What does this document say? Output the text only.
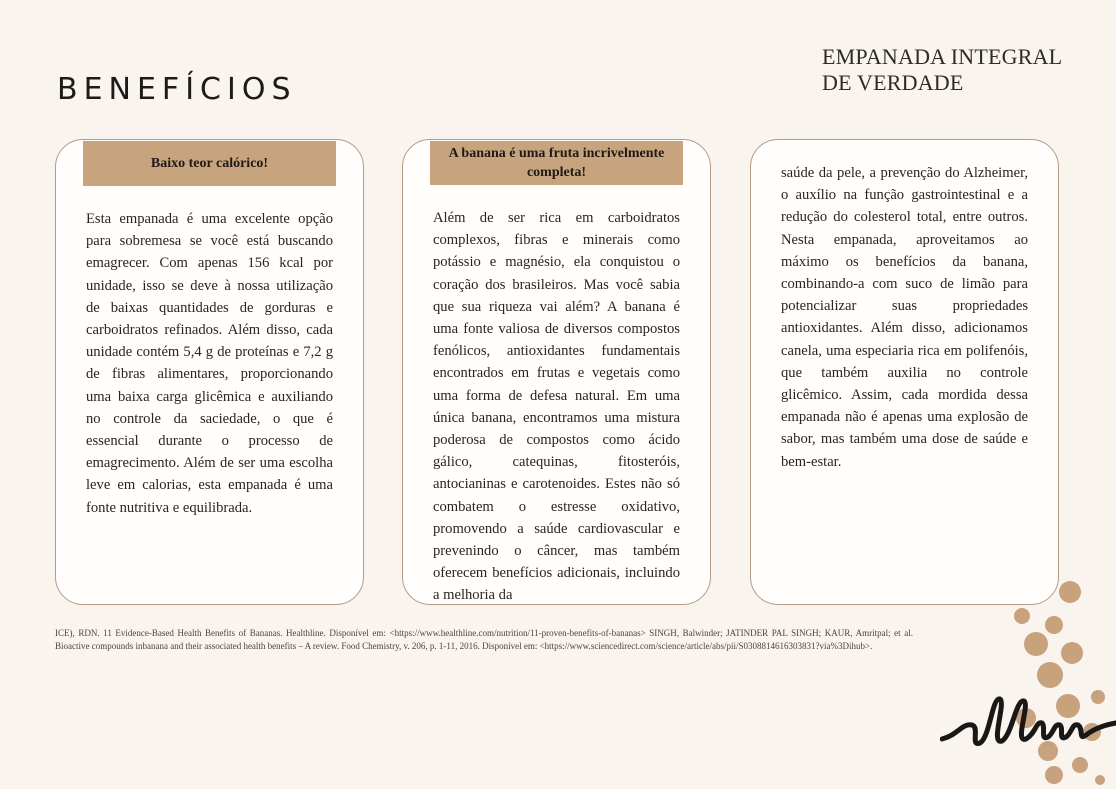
BENEFÍCIOS
EMPANADA INTEGRAL
DE VERDADE
Baixo teor calórico!
Esta empanada é uma excelente opção para sobremesa se você está buscando emagrecer. Com apenas 156 kcal por unidade, isso se deve à nossa utilização de baixas quantidades de gorduras e carboidratos refinados. Além disso, cada unidade contém 5,4 g de proteínas e 7,2 g de fibras alimentares, proporcionando uma baixa carga glicêmica e auxiliando no controle da saciedade, o que é essencial durante o processo de emagrecimento. Além de ser uma escolha leve em calorias, esta empanada é uma fonte nutritiva e equilibrada.
A banana é uma fruta incrivelmente completa!
Além de ser rica em carboidratos complexos, fibras e minerais como potássio e magnésio, ela conquistou o coração dos brasileiros. Mas você sabia que sua riqueza vai além? A banana é uma fonte valiosa de diversos compostos fenólicos, antioxidantes fundamentais encontrados em frutas e vegetais como uma forma de defesa natural. Em uma única banana, encontramos uma mistura poderosa de compostos como ácido gálico, catequinas, fitosteróis, antocianinas e carotenoides. Estes não só combatem o estresse oxidativo, promovendo a saúde cardiovascular e prevenindo o câncer, mas também oferecem benefícios adicionais, incluindo a melhoria da
saúde da pele, a prevenção do Alzheimer, o auxílio na função gastrointestinal e a redução do colesterol total, entre outros. Nesta empanada, aproveitamos ao máximo os benefícios da banana, combinando-a com suco de limão para potencializar suas propriedades antioxidantes. Além disso, adicionamos canela, uma especiaria rica em polifenóis, que também auxilia no controle glicêmico. Assim, cada mordida dessa empanada não é apenas uma explosão de sabor, mas também uma dose de saúde e bem-estar.
ICE), RDN. 11 Evidence-Based Health Benefits of Bananas. Healthline. Disponível em: <https://www.healthline.com/nutrition/11-proven-benefits-of-bananas> SINGH, Balwinder; JATINDER PAL SINGH; KAUR, Amritpal; et al. Bioactive compounds inbanana and their associated health benefits – A review. Food Chemistry, v. 206, p. 1-11, 2016. Disponível em: <https://www.sciencedirect.com/science/article/abs/pii/S0308814616303831?via%3Dihub>.
